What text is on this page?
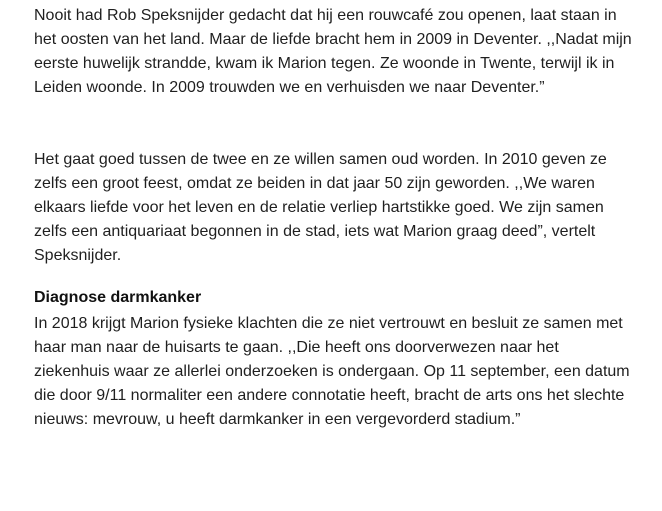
Nooit had Rob Speksnijder gedacht dat hij een rouwcafé zou openen, laat staan in het oosten van het land. Maar de liefde bracht hem in 2009 in Deventer. ,,Nadat mijn eerste huwelijk strandde, kwam ik Marion tegen. Ze woonde in Twente, terwijl ik in Leiden woonde. In 2009 trouwden we en verhuisden we naar Deventer.”

Het gaat goed tussen de twee en ze willen samen oud worden. In 2010 geven ze zelfs een groot feest, omdat ze beiden in dat jaar 50 zijn geworden. ,,We waren elkaars liefde voor het leven en de relatie verliep hartstikke goed. We zijn samen zelfs een antiquariaat begonnen in de stad, iets wat Marion graag deed”, vertelt Speksnijder.

Diagnose darmkanker

In 2018 krijgt Marion fysieke klachten die ze niet vertrouwt en besluit ze samen met haar man naar de huisarts te gaan. ,,Die heeft ons doorverwezen naar het ziekenhuis waar ze allerlei onderzoeken is ondergaan. Op 11 september, een datum die door 9/11 normaliter een andere connotatie heeft, bracht de arts ons het slechte nieuws: mevrouw, u heeft darmkanker in een vergevorderd stadium.”
